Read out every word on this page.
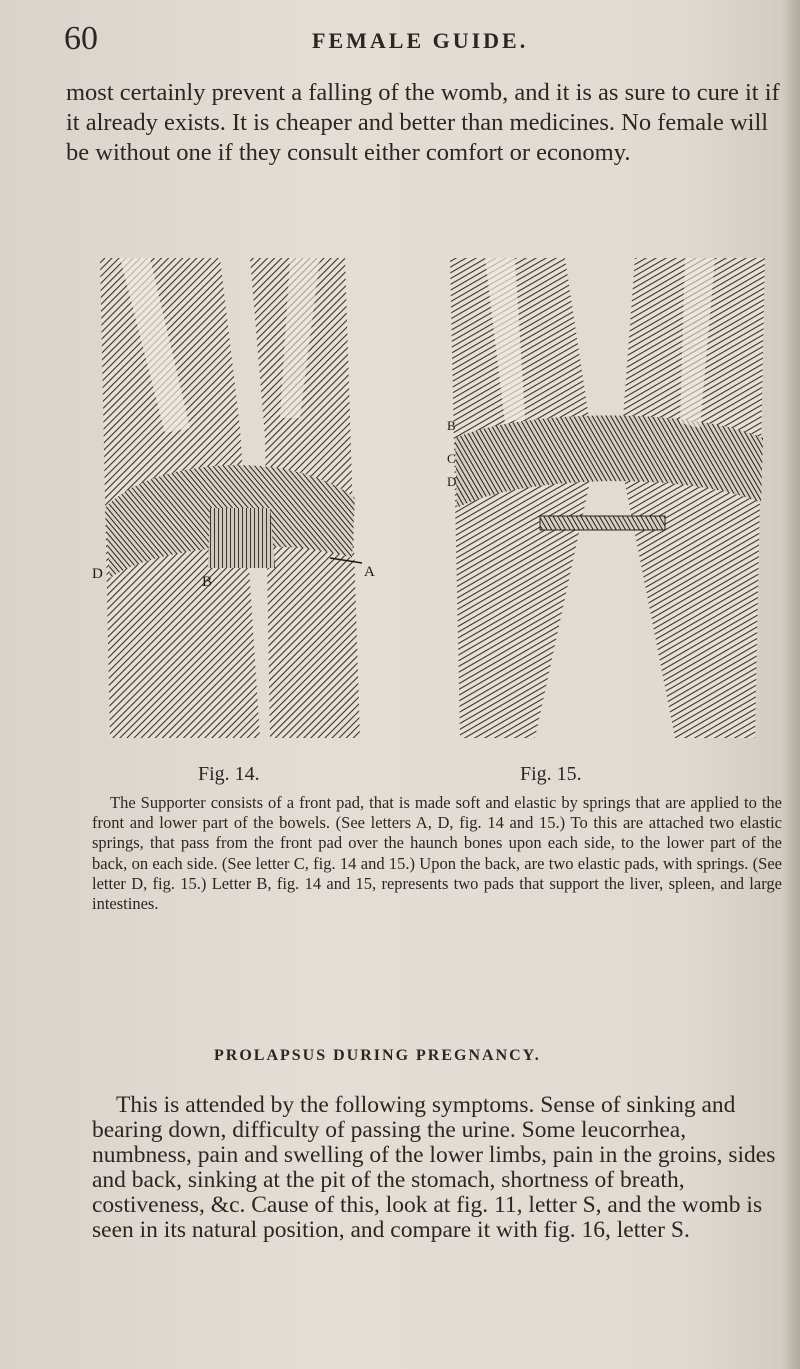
60	FEMALE GUIDE.

most certainly prevent a falling of the womb, and it is as sure to cure it if it already exists. It is cheaper and better than medicines. No female will be without one if they consult either comfort or economy.

D	B
A
B
C
D
Fig. 14.	Fig. 15.

The Supporter consists of a front pad, that is made soft and elastic by springs that are applied to the front and lower part of the bowels. (See letters A, D, fig. 14 and 15.) To this are attached two elastic springs, that pass from the front pad over the haunch bones upon each side, to the lower part of the back, on each side. (See letter C, fig. 14 and 15.) Upon the back, are two elastic pads, with springs. (See letter D, fig. 15.) Letter B, fig. 14 and 15, represents two pads that support the liver, spleen, and large intestines.

PROLAPSUS DURING PREGNANCY.

This is attended by the following symptoms. Sense of sinking and bearing down, difficulty of passing the urine. Some leucorrhea, numbness, pain and swelling of the lower limbs, pain in the groins, sides and back, sinking at the pit of the stomach, shortness of breath, costiveness, &c. Cause of this, look at fig. 11, letter S, and the womb is seen in its natural position, and compare it with fig. 16, letter S.
